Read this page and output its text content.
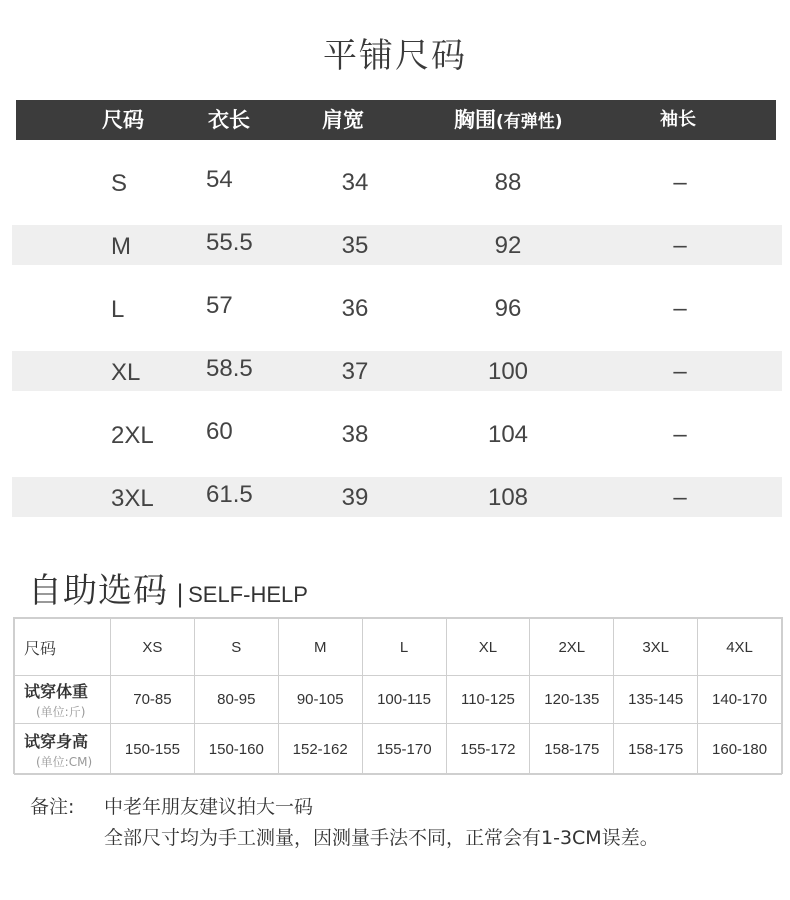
平铺尺码
尺码	衣长	肩宽	胸围(有弹性)	袖长
S	54	34	88	–
M	55.5	35	92	–
L	57	36	96	–
XL	58.5	37	100	–
2XL 60	38	104	–
3XL 61.5	39	108	–
自助选码 | SELF-HELP
尺码	XS	S	M	L	XL	2XL	3XL	4XL

试穿体重
(单位:斤)	70-85	80-95	90-105	100-115	110-125	120-135	135-145	140-170

试穿身高
(单位:CM)	150-155	150-160	152-162	155-170	155-172	158-175	158-175	160-180
备注: 中老年朋友建议拍大一码
全部尺寸均为手工测量，因测量手法不同，正常会有1-3CM误差。
